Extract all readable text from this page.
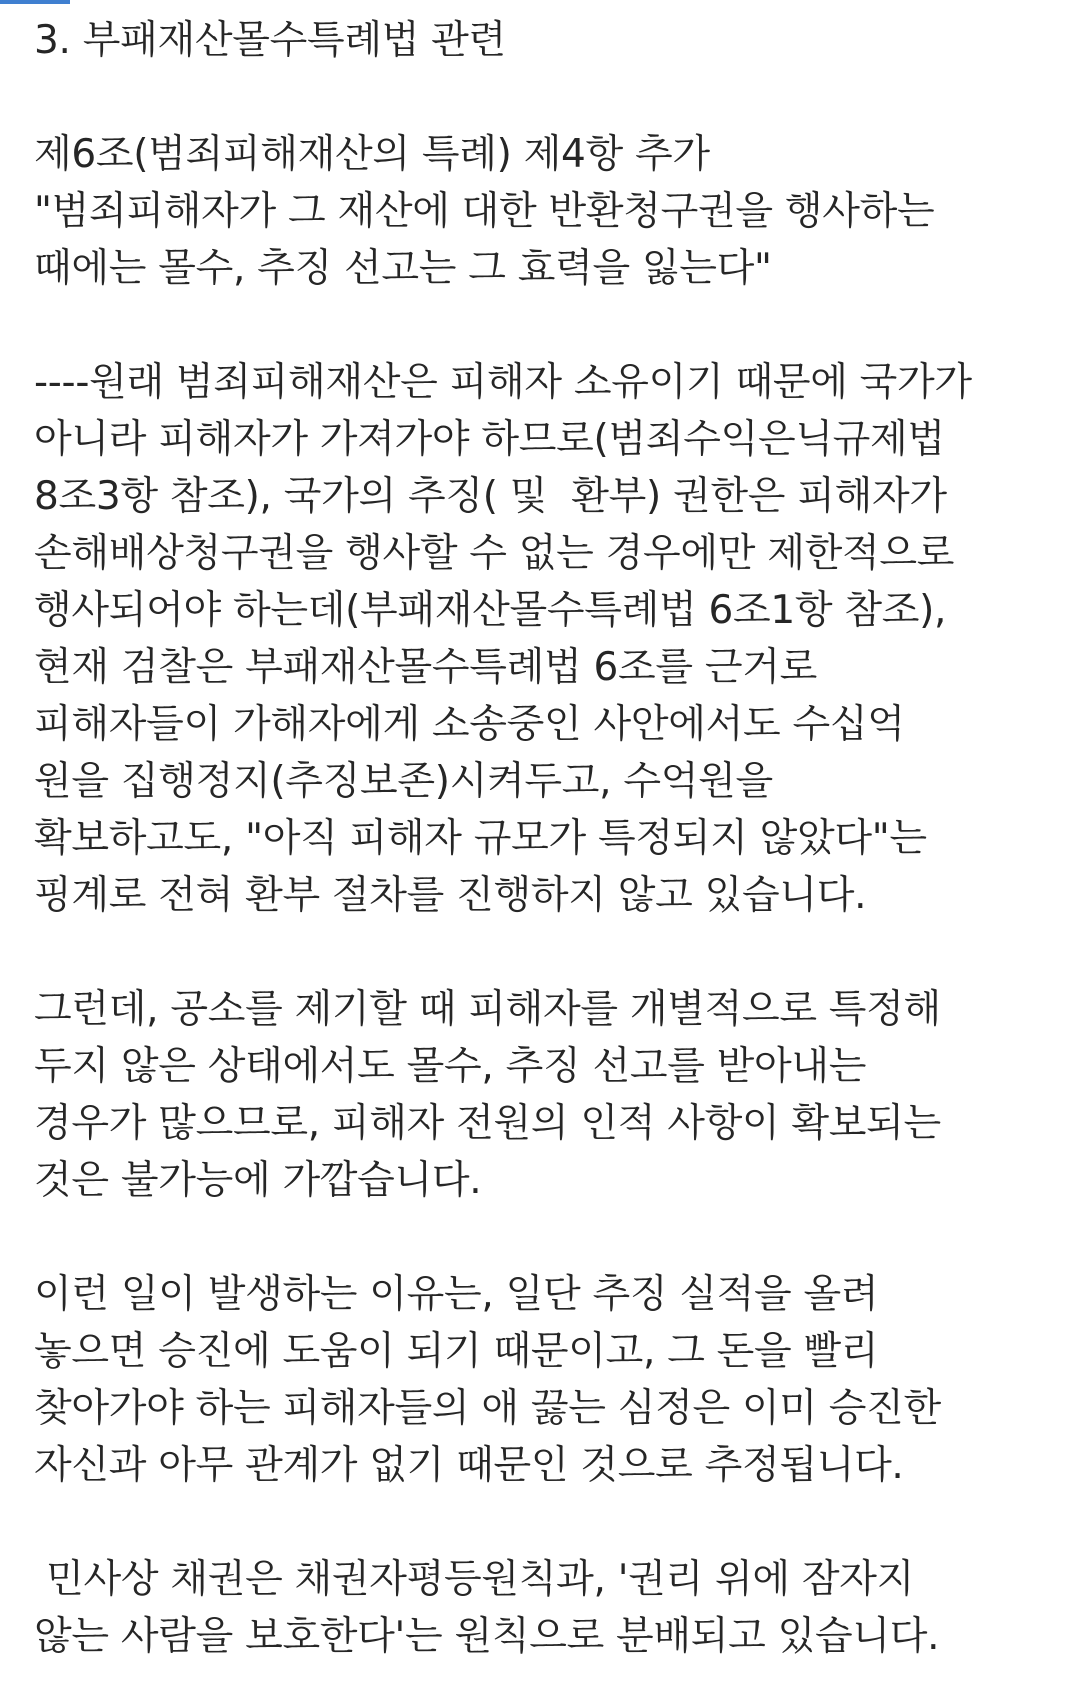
3. 부패재산몰수특례법 관련
제6조(범죄피해재산의 특례) 제4항 추가
"범죄피해자가 그 재산에 대한 반환청구권을 행사하는
때에는 몰수, 추징 선고는 그 효력을 잃는다"
----원래 범죄피해재산은 피해자 소유이기 때문에 국가가
아니라 피해자가 가져가야 하므로(범죄수익은닉규제법
8조3항 참조), 국가의 추징( 및  환부) 권한은 피해자가
손해배상청구권을 행사할 수 없는 경우에만 제한적으로
행사되어야 하는데(부패재산몰수특례법 6조1항 참조),
현재 검찰은 부패재산몰수특례법 6조를 근거로
피해자들이 가해자에게 소송중인 사안에서도 수십억
원을 집행정지(추징보존)시켜두고, 수억원을
확보하고도, "아직 피해자 규모가 특정되지 않았다"는
핑계로 전혀 환부 절차를 진행하지 않고 있습니다.
그런데, 공소를 제기할 때 피해자를 개별적으로 특정해
두지 않은 상태에서도 몰수, 추징 선고를 받아내는
경우가 많으므로, 피해자 전원의 인적 사항이 확보되는
것은 불가능에 가깝습니다.
이런 일이 발생하는 이유는, 일단 추징 실적을 올려
놓으면 승진에 도움이 되기 때문이고, 그 돈을 빨리
찾아가야 하는 피해자들의 애 끓는 심정은 이미 승진한
자신과 아무 관계가 없기 때문인 것으로 추정됩니다.
민사상 채권은 채권자평등원칙과, '권리 위에 잠자지
않는 사람을 보호한다'는 원칙으로 분배되고 있습니다.
